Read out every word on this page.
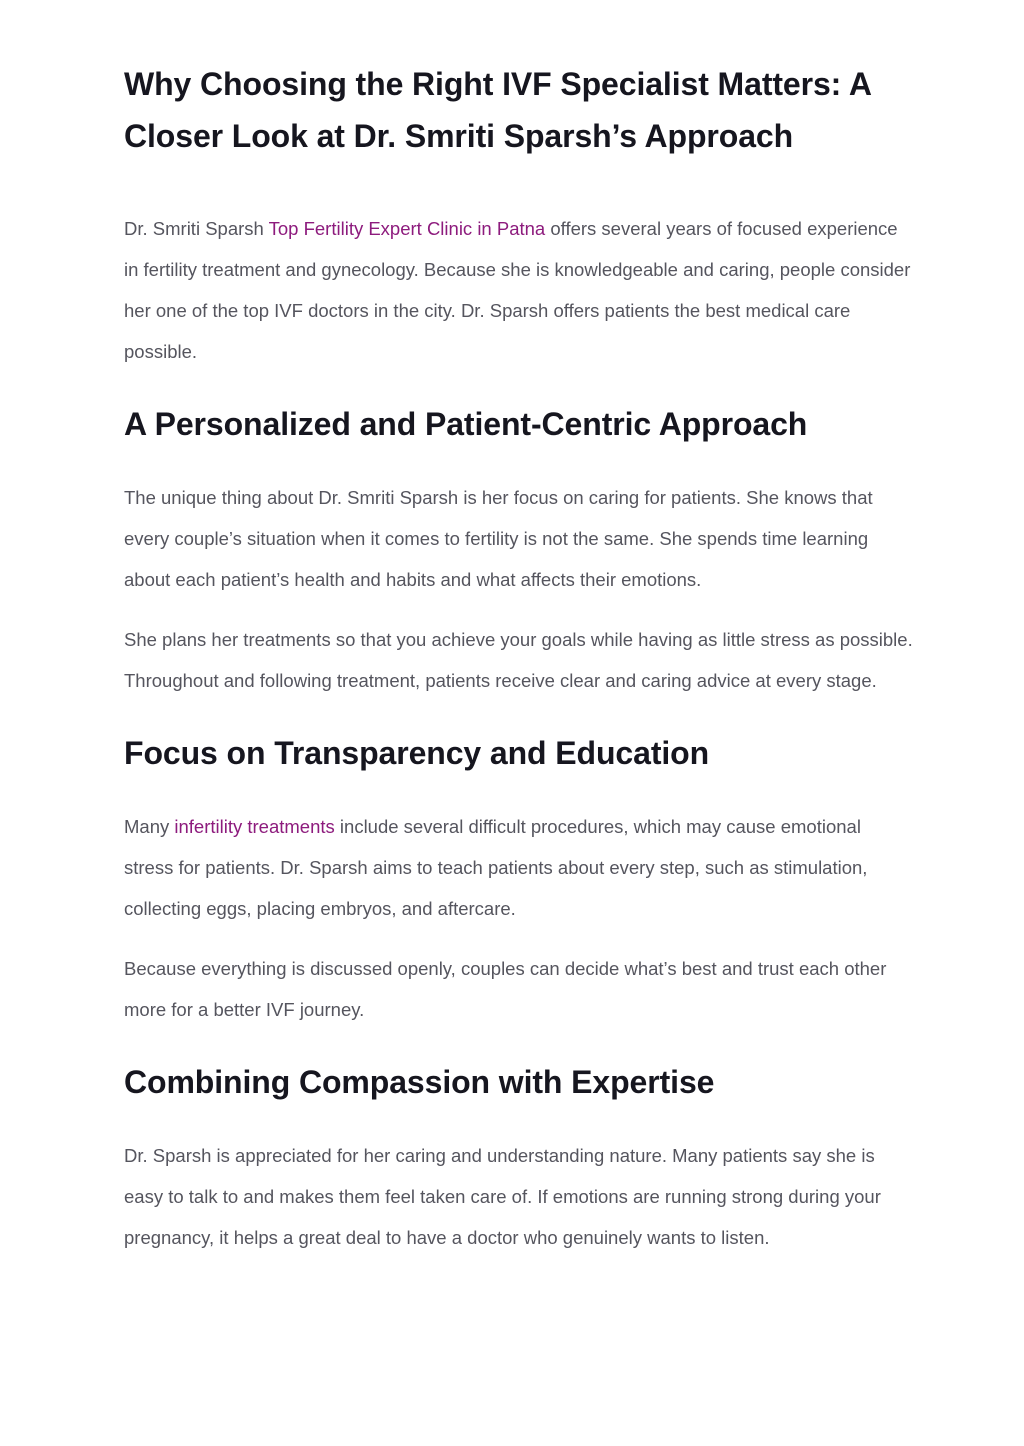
Why Choosing the Right IVF Specialist Matters: A Closer Look at Dr. Smriti Sparsh’s Approach

Dr. Smriti Sparsh Top Fertility Expert Clinic in Patna offers several years of focused experience in fertility treatment and gynecology. Because she is knowledgeable and caring, people consider her one of the top IVF doctors in the city. Dr. Sparsh offers patients the best medical care possible.

A Personalized and Patient-Centric Approach

The unique thing about Dr. Smriti Sparsh is her focus on caring for patients. She knows that every couple’s situation when it comes to fertility is not the same. She spends time learning about each patient’s health and habits and what affects their emotions.

She plans her treatments so that you achieve your goals while having as little stress as possible. Throughout and following treatment, patients receive clear and caring advice at every stage.

Focus on Transparency and Education

Many infertility treatments include several difficult procedures, which may cause emotional stress for patients. Dr. Sparsh aims to teach patients about every step, such as stimulation, collecting eggs, placing embryos, and aftercare.

Because everything is discussed openly, couples can decide what’s best and trust each other more for a better IVF journey.

Combining Compassion with Expertise

Dr. Sparsh is appreciated for her caring and understanding nature. Many patients say she is easy to talk to and makes them feel taken care of. If emotions are running strong during your pregnancy, it helps a great deal to have a doctor who genuinely wants to listen.
